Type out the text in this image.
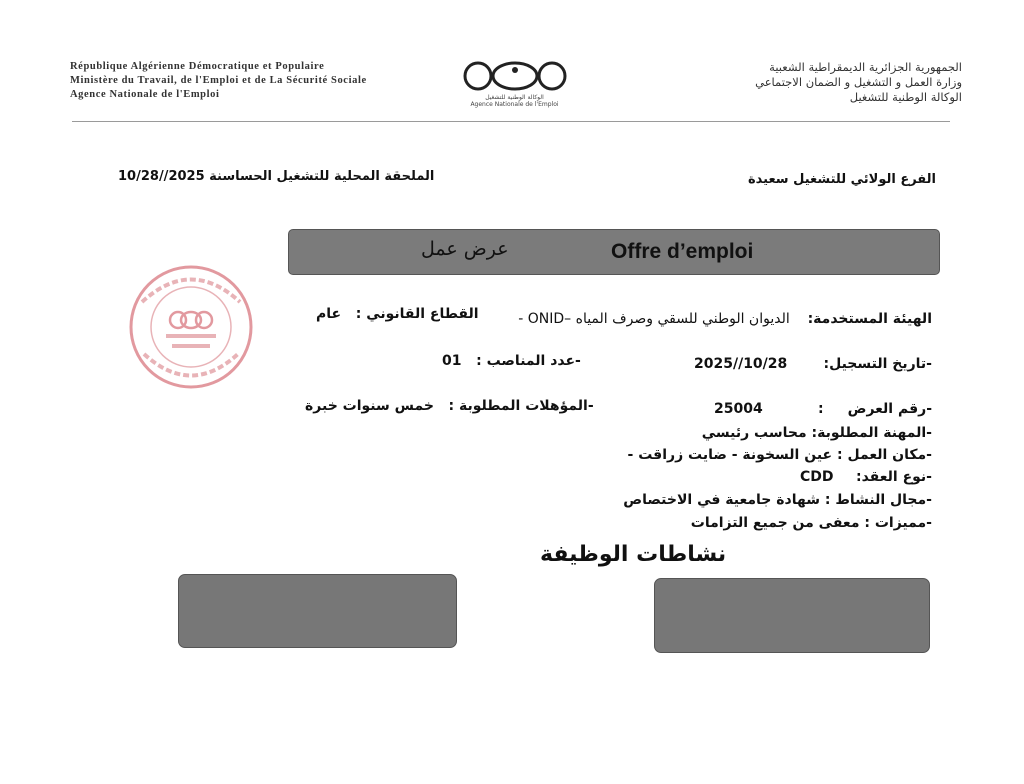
République Algérienne Démocratique et Populaire
Ministère du Travail, de l'Emploi et de La Sécurité Sociale
Agence Nationale de l'Emploi	الوكالة الوطنية للتشغيل
Agence Nationale de l'Emploi
الجمهورية الجزائرية الديمقراطية الشعبية
وزارة العمل و التشغيل و الضمان الاجتماعي
الوكالة الوطنية للتشغيل
الفرع الولائي للتشغيل سعيدة
الملحقة المحلية للتشغيل الحساسنة 2025//10/28
عرض عمل	Offre d’emploi
الهيئة المستخدمة:    الديوان الوطني للسقي وصرف المياه –ONID -
القطاع القانوني :   عام
-تاريخ التسجيل:
2025//10/28
-عدد المناصب :   01
-رقم العرض
:
25004
-المؤهلات المطلوبة :   خمس سنوات خبرة
-المهنة المطلوبة: محاسب رئيسي
-مكان العمل : عين السخونة - ضايت زراقت -
-نوع العقد:
CDD
-مجال النشاط : شهادة جامعية في الاختصاص
-مميزات : معفى من جميع التزامات
نشاطات الوظيفة
